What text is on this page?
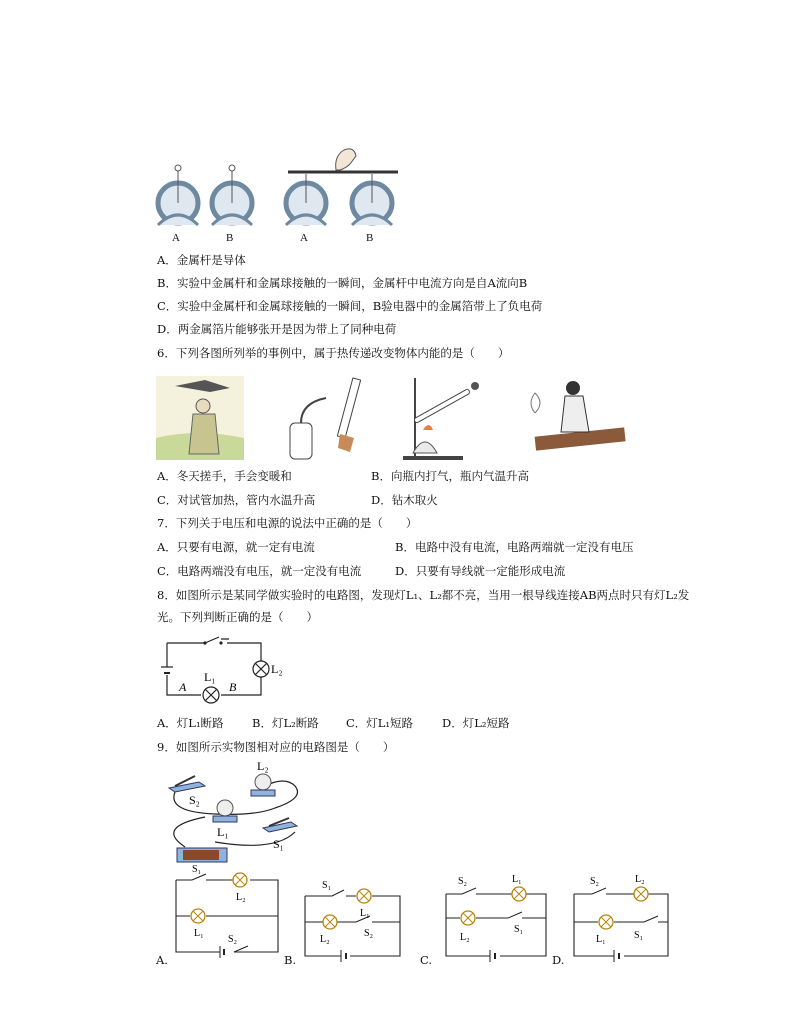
A	B	A	B
A．金属杆是导体
B．实验中金属杆和金属球接触的一瞬间，金属杆中电流方向是自A流向B
C．实验中金属杆和金属球接触的一瞬间，B验电器中的金属箔带上了负电荷
D．两金属箔片能够张开是因为带上了同种电荷
6．下列各图所列举的事例中，属于热传递改变物体内能的是（　　）
A．冬天搓手，手会变暖和	B．向瓶内打气，瓶内气温升高
C．对试管加热，管内水温升高	D．钻木取火
7．下列关于电压和电源的说法中正确的是（　　）
A．只要有电源，就一定有电流	B．电路中没有电流，电路两端就一定没有电压
C．电路两端没有电压，就一定没有电流	D．只要有导线就一定能形成电流
8．如图所示是某同学做实验时的电路图，发现灯L₁、L₂都不亮，当用一根导线连接AB两点时只有灯L₂发
光。下列判断正确的是（　　）
A	B
L₁
L₂
A．灯L₁断路 B．灯L₂断路 C．灯L₁短路	D．灯L₂短路
9．如图所示实物图相对应的电路图是（　　）
L₂
S₂
L₁
S₁
S₁
L₂
L₁
S₂
S₁
L₁
L₂
S₂
S₂	L₁
L₂
S₁
S₂	L₂
L₁	S₁
A.	B.	C.	D.
